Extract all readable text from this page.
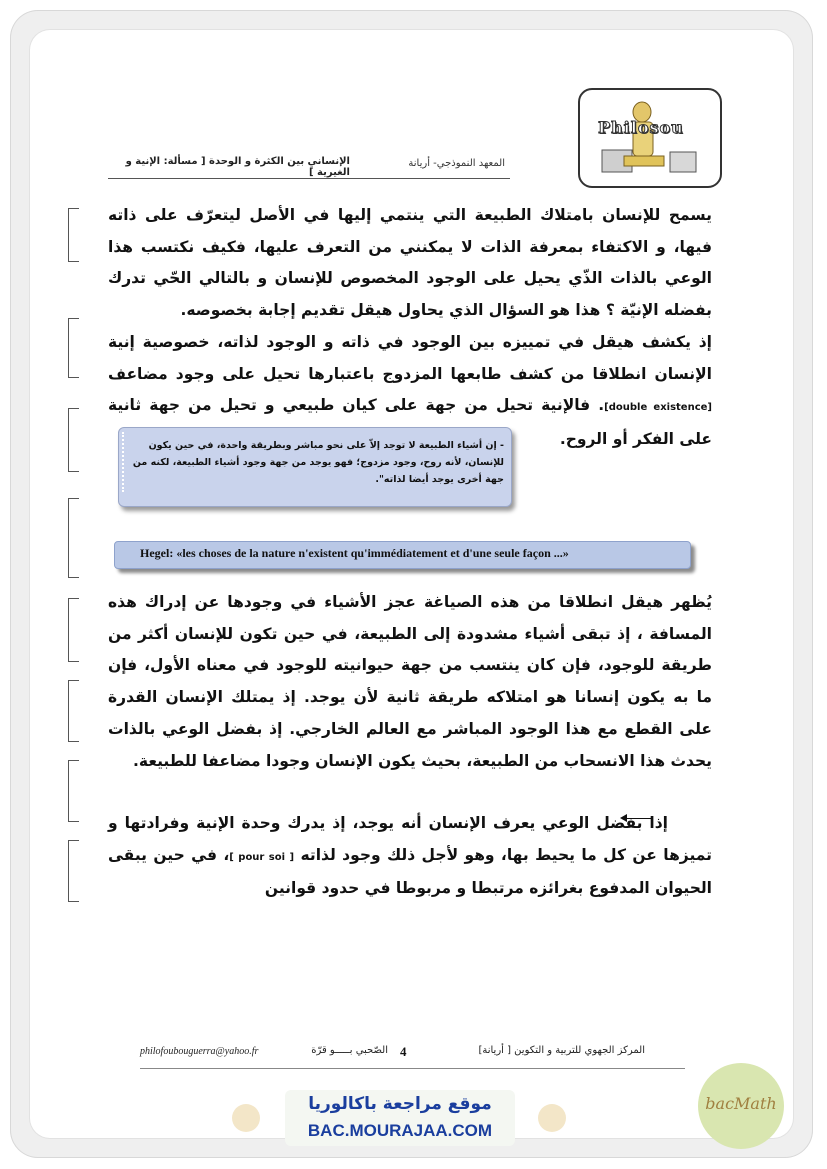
Philosou
المعهد النموذجي- أريانة
الإنساني بين الكثرة و الوحدة [ مسألة: الإنية و الغيرية ]
يسمح للإنسان بامتلاك الطبيعة التي ينتمي إليها في الأصل ليتعرّف على ذاته فيها، و الاكتفاء بمعرفة الذات لا يمكنني من التعرف عليها، فكيف نكتسب هذا الوعي بالذات الذّي يحيل على الوجود المخصوص للإنسان و بالتالي الحّي تدرك بفضله الإنيّة ؟ هذا هو السؤال الذي يحاول هيقل تقديم إجابة بخصوصه.
إذ يكشف هيقل في تمييزه بين الوجود في ذاته و الوجود لذاته، خصوصية إنية الإنسان انطلاقا من كشف طابعها المزدوج باعتبارها تحيل على وجود مضاعف [double existence]. فالإنية تحيل من جهة على كيان طبيعي و تحيل من جهة ثانية على الفكر أو الروح.
- إن أشياء الطبيعة لا توجد إلاّ على نحو مباشر وبطريقة واحدة، في حين يكون للإنسان، لأنه روح، وجود مزدوج؛ فهو يوجد من جهة وجود أشياء الطبيعة، لكنه من جهة أخرى يوجد أيضا لذاته".
Hegel: «les choses de la nature n'existent qu'immédiatement et d'une seule façon ...»
يُظهر هيقل انطلاقا من هذه الصياغة عجز الأشياء في وجودها عن إدراك هذه المسافة ، إذ تبقى أشياء مشدودة إلى الطبيعة، في حين تكون للإنسان أكثر من طريقة للوجود، فإن كان ينتسب من جهة حيوانيته للوجود في معناه الأول، فإن ما به يكون إنسانا هو امتلاكه طريقة ثانية لأن يوجد. إذ يمتلك الإنسان القدرة على القطع مع هذا الوجود المباشر مع العالم الخارجي. إذ بفضل الوعي بالذات يحدث هذا الانسحاب من الطبيعة، بحيث يكون الإنسان وجودا مضاعفا للطبيعة.
إذا بفضل الوعي يعرف الإنسان أنه يوجد، إذ يدرك وحدة الإنية وفرادتها و تميزها عن كل ما يحيط بها، وهو لأجل ذلك وجود لذاته [ pour soi ]، في حين يبقى الحيوان المدفوع بغرائزه مرتبطا و مربوطا في حدود قوانين
philofoubouguerra@yahoo.fr	الصّحبي بـــــو قرّة 4	المركز الجهوي للتربية و التكوين [ أريانة]
موقع مراجعة باكالوريا
BAC.MOURAJAA.COM
bacMath
